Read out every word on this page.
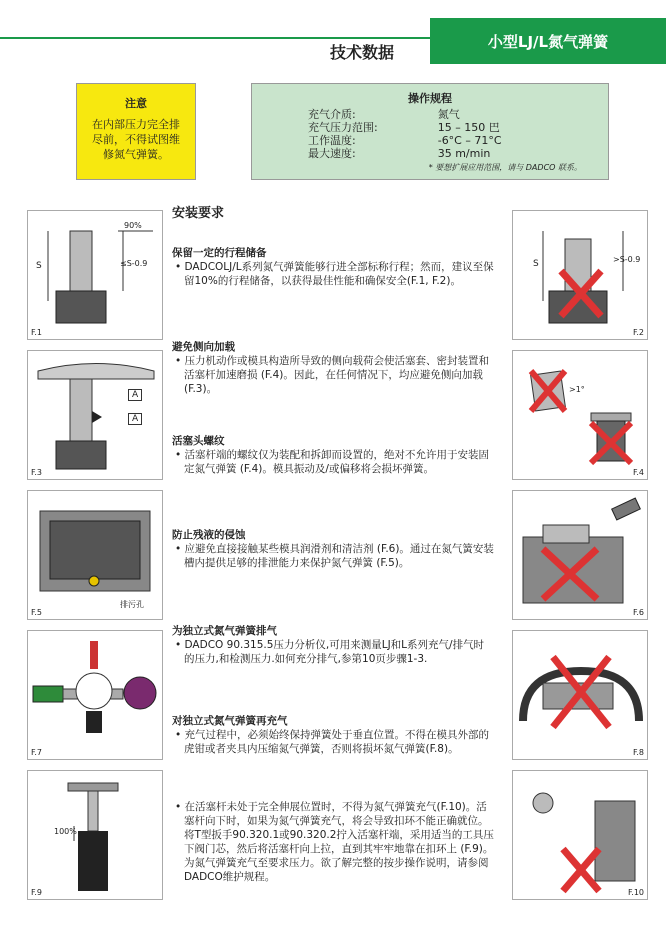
小型LJ/L氮气弹簧
技术数据
注意
在内部压力完全排尽前，不得试图维修氮气弹簧。
操作规程
充气介质:	氮气
充气压力范围:	15 – 150 巴
工作温度:	-6°C – 71°C
最大速度:	35 m/min
* 要想扩展应用范围，请与 DADCO 联系。
90%
S	≤S-0.9
F.1
A
A
F.3
排污孔
F.5
F.7
100%
F.9
S	>S-0.9
F.2
>1°
F.4
F.6
F.8
F.10
安装要求
保留一定的行程储备
• DADCOLJ/L系列氮气弹簧能够行进全部标称行程；然而，建议至保留10%的行程储备，以获得最佳性能和确保安全(F.1, F.2)。
避免侧向加载
• 压力机动作或模具构造所导致的侧向载荷会使活塞套、密封装置和活塞杆加速磨损 (F.4)。因此，在任何情况下，均应避免侧向加载 (F.3)。
活塞头螺纹
• 活塞杆端的螺纹仅为装配和拆卸而设置的，绝对不允许用于安装固定氮气弹簧 (F.4)。模具振动及/或偏移将会损坏弹簧。
防止残液的侵蚀
• 应避免直接接触某些模具润滑剂和清洁剂 (F.6)。通过在氮气簧安装槽内提供足够的排泄能力来保护氮气弹簧 (F.5)。
为独立式氮气弹簧排气
• DADCO 90.315.5压力分析仪,可用来测量LJ和L系列充气/排气时的压力,和检测压力.如何充分排气,参第10页步骤1-3.
对独立式氮气弹簧再充气
• 充气过程中，必须始终保持弹簧处于垂直位置。不得在模具外部的虎钳或者夹具内压缩氮气弹簧，否则将损坏氮气弹簧(F.8)。
• 在活塞杆未处于完全伸展位置时，不得为氮气弹簧充气(F.10)。活塞杆向下时，如果为氮气弹簧充气，将会导致扣环不能正确就位。将T型扳手90.320.1或90.320.2拧入活塞杆端，采用适当的工具压下阀门芯，然后将活塞杆向上拉，直到其牢牢地靠在扣环上 (F.9)。 为氮气弹簧充气至要求压力。欲了解完整的按步操作说明，请参阅DADCO维护规程。
